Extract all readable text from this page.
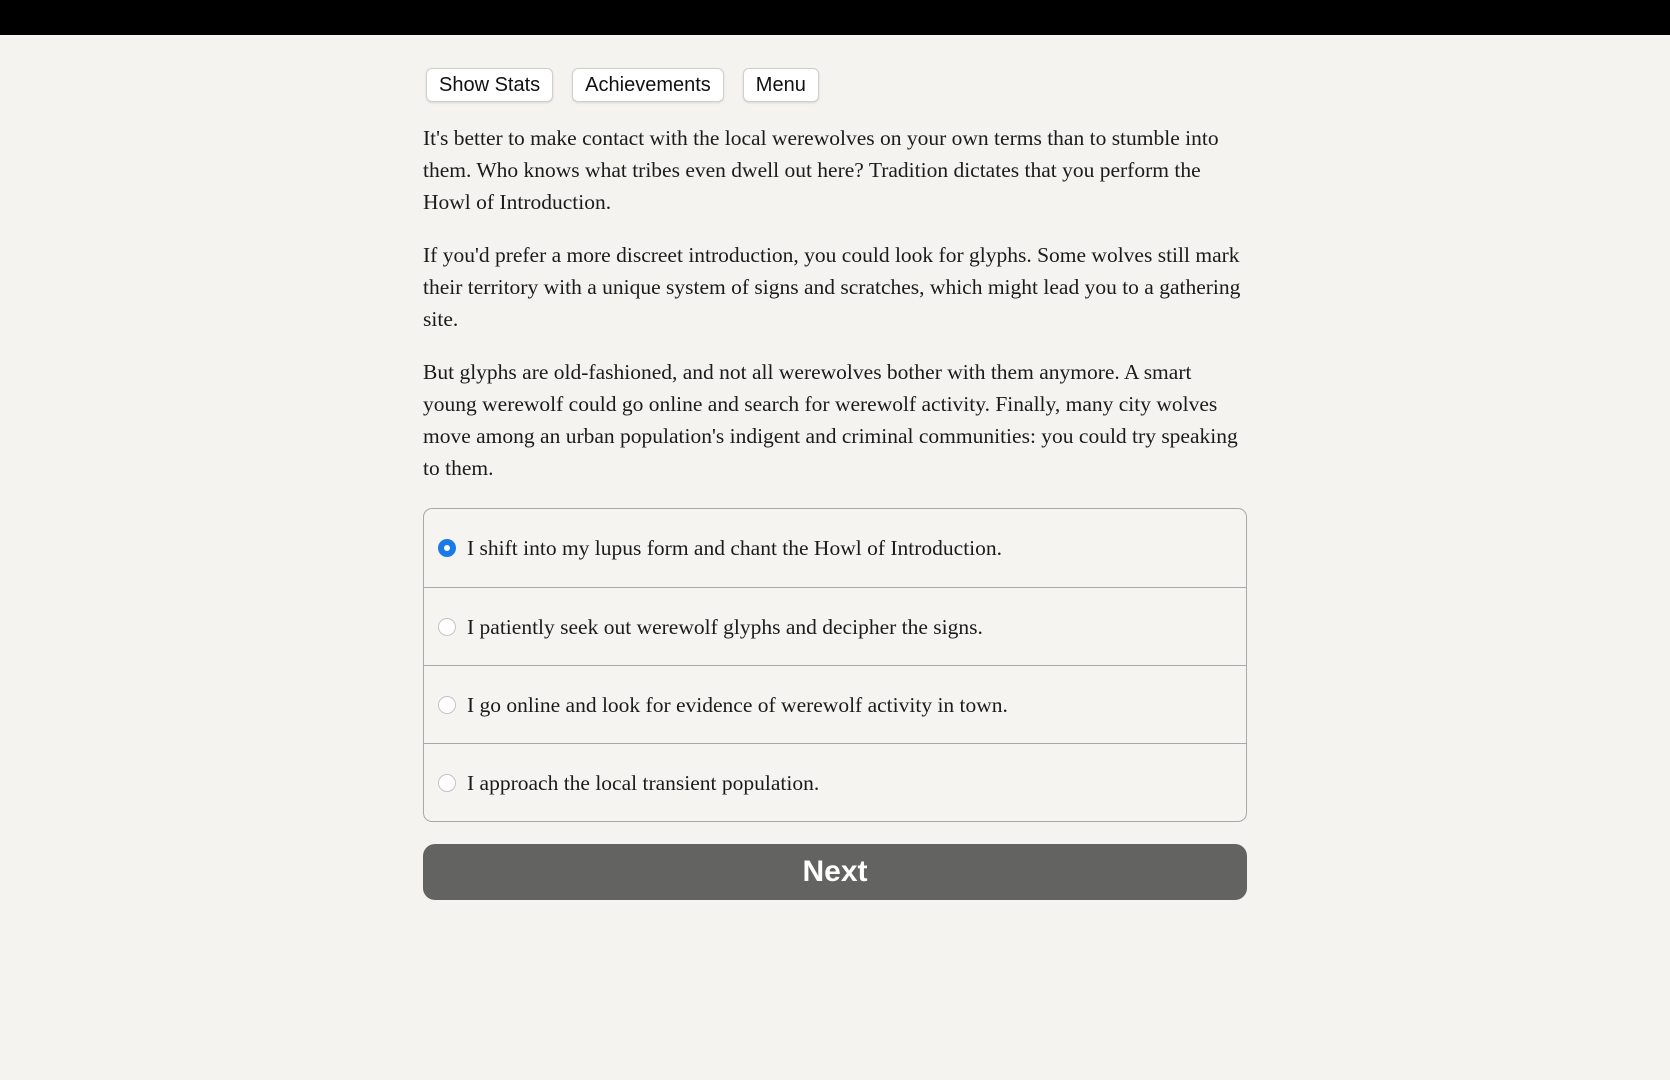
Show Stats	Achievements	Menu

It's better to make contact with the local werewolves on your own terms than to stumble into them. Who knows what tribes even dwell out here? Tradition dictates that you perform the Howl of Introduction.

If you'd prefer a more discreet introduction, you could look for glyphs. Some wolves still mark their territory with a unique system of signs and scratches, which might lead you to a gathering site.

But glyphs are old-fashioned, and not all werewolves bother with them anymore. A smart young werewolf could go online and search for werewolf activity. Finally, many city wolves move among an urban population's indigent and criminal communities: you could try speaking to them.

I shift into my lupus form and chant the Howl of Introduction.
I patiently seek out werewolf glyphs and decipher the signs.
I go online and look for evidence of werewolf activity in town.
I approach the local transient population.
Next
